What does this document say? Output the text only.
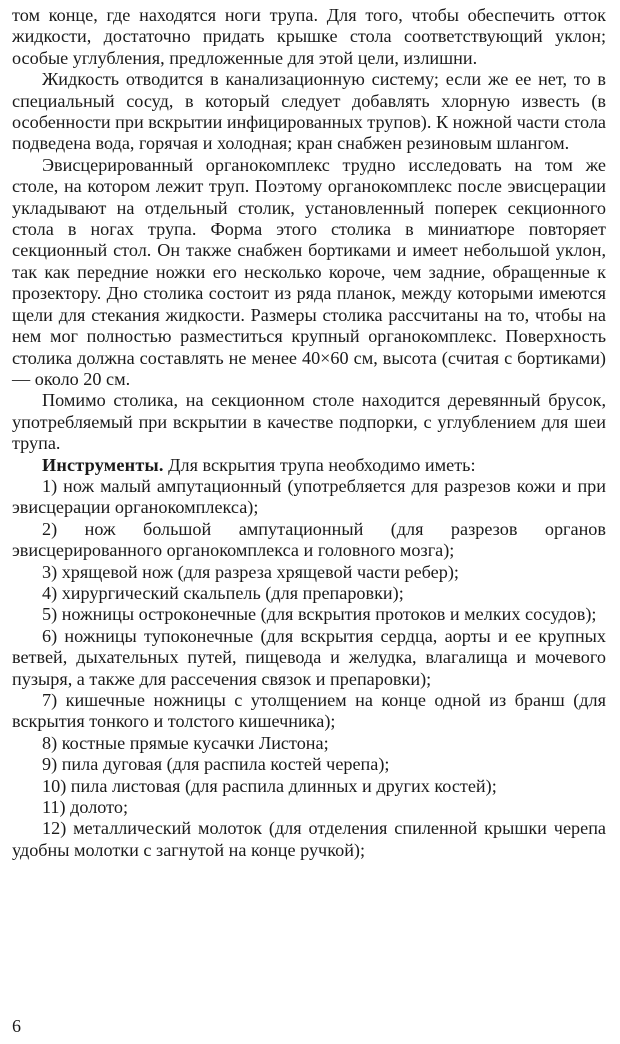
том конце, где находятся ноги трупа. Для того, чтобы обеспечить отток жидкости, достаточно придать крышке стола соответствующий уклон; особые углубления, предложенные для этой цели, излишни.

Жидкость отводится в канализационную систему; если же ее нет, то в специальный сосуд, в который следует добавлять хлорную известь (в особенности при вскрытии инфицированных трупов). К ножной части стола подведена вода, горячая и холодная; кран снабжен резиновым шлангом.

Эвисцерированный органокомплекс трудно исследовать на том же столе, на котором лежит труп. Поэтому органокомплекс после эвисцерации укладывают на отдельный столик, установленный поперек секционного стола в ногах трупа. Форма этого столика в миниатюре повторяет секционный стол. Он также снабжен бортиками и имеет небольшой уклон, так как передние ножки его несколько короче, чем задние, обращенные к прозектору. Дно столика состоит из ряда планок, между которыми имеются щели для стекания жидкости. Размеры столика рассчитаны на то, чтобы на нем мог полностью разместиться крупный органокомплекс. Поверхность столика должна составлять не менее 40×60 см, высота (считая с бортиками) — около 20 см.

Помимо столика, на секционном столе находится деревянный брусок, употребляемый при вскрытии в качестве подпорки, с углублением для шеи трупа.

Инструменты. Для вскрытия трупа необходимо иметь:

1) нож малый ампутационный (употребляется для разрезов кожи и при эвисцерации органокомплекса);

2) нож большой ампутационный (для разрезов органов эвисцерированного органокомплекса и головного мозга);

3) хрящевой нож (для разреза хрящевой части ребер);

4) хирургический скальпель (для препаровки);

5) ножницы остроконечные (для вскрытия протоков и мелких сосудов);

6) ножницы тупоконечные (для вскрытия сердца, аорты и ее крупных ветвей, дыхательных путей, пищевода и желудка, влагалища и мочевого пузыря, а также для рассечения связок и препаровки);

7) кишечные ножницы с утолщением на конце одной из бранш (для вскрытия тонкого и толстого кишечника);

8) костные прямые кусачки Листона;

9) пила дуговая (для распила костей черепа);

10) пила листовая (для распила длинных и других костей);

11) долото;

12) металлический молоток (для отделения спиленной крышки черепа удобны молотки с загнутой на конце ручкой);

6
